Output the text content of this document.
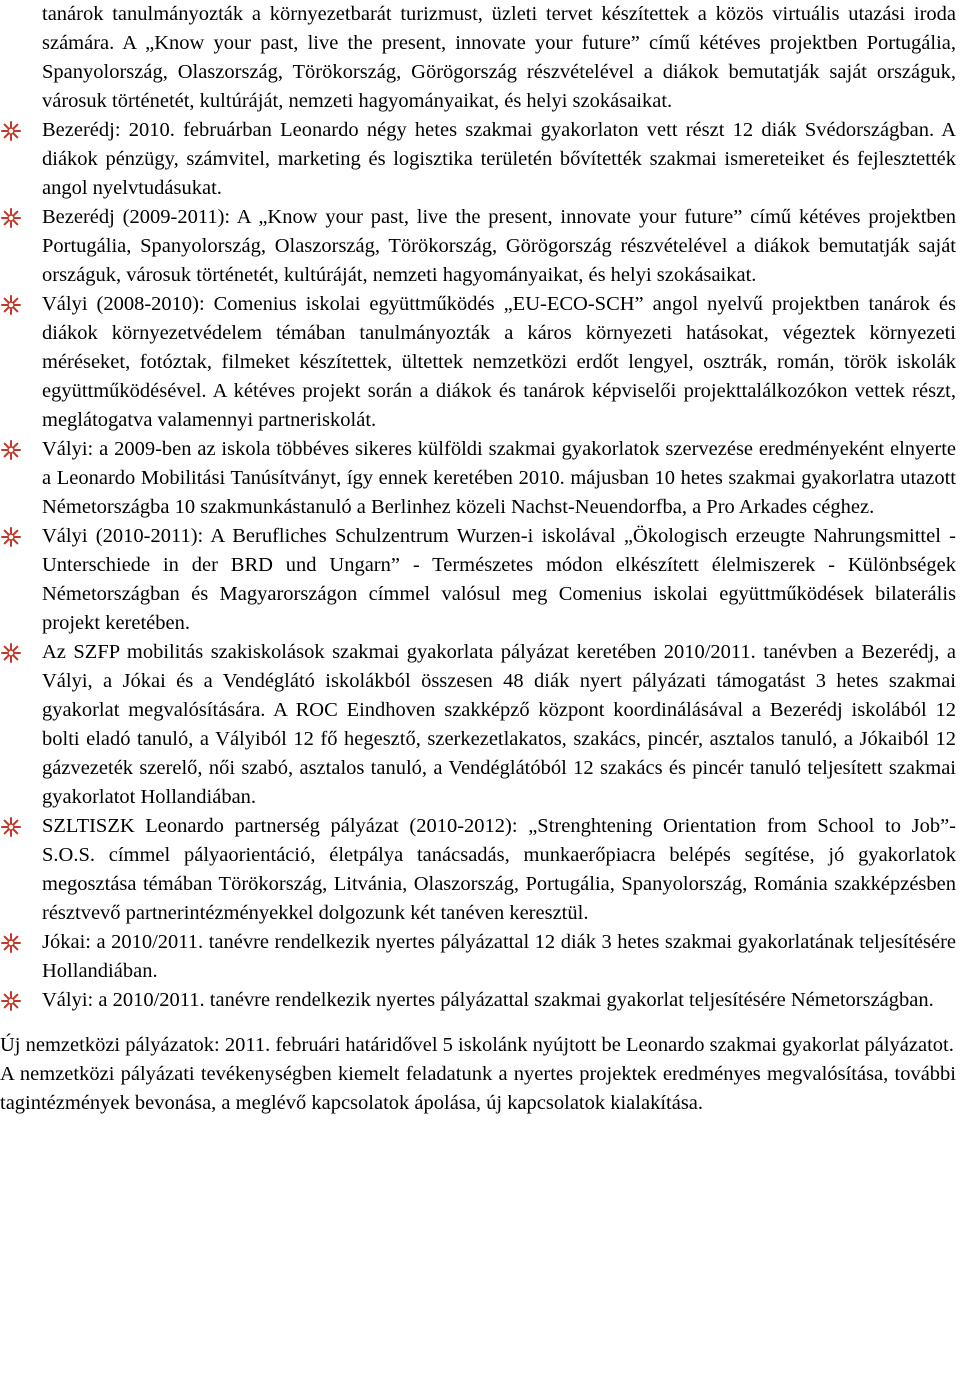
tanárok tanulmányozták a környezetbarát turizmust, üzleti tervet készítettek a közös virtuális utazási iroda számára. A „Know your past, live the present, innovate your future” című kétéves projektben Portugália, Spanyolország, Olaszország, Törökország, Görögország részvételével a diákok bemutatják saját országuk, városuk történetét, kultúráját, nemzeti hagyományaikat, és helyi szokásaikat.

Bezerédj: 2010. februárban Leonardo négy hetes szakmai gyakorlaton vett részt 12 diák Svédországban. A diákok pénzügy, számvitel, marketing és logisztika területén bővítették szakmai ismereteiket és fejlesztették angol nyelvtudásukat.
Bezerédj (2009-2011): A „Know your past, live the present, innovate your future” című kétéves projektben Portugália, Spanyolország, Olaszország, Törökország, Görögország részvételével a diákok bemutatják saját országuk, városuk történetét, kultúráját, nemzeti hagyományaikat, és helyi szokásaikat.
Vályi (2008-2010): Comenius iskolai együttműködés „EU-ECO-SCH” angol nyelvű projektben tanárok és diákok környezetvédelem témában tanulmányozták a káros környezeti hatásokat, végeztek környezeti méréseket, fotóztak, filmeket készítettek, ültettek nemzetközi erdőt lengyel, osztrák, román, török iskolák együttműködésével. A kétéves projekt során a diákok és tanárok képviselői projekttalálkozókon vettek részt, meglátogatva valamennyi partneriskolát.
Vályi: a 2009-ben az iskola többéves sikeres külföldi szakmai gyakorlatok szervezése eredményeként elnyerte a Leonardo Mobilitási Tanúsítványt, így ennek keretében 2010. májusban 10 hetes szakmai gyakorlatra utazott Németországba 10 szakmunkástanuló a Berlinhez közeli Nachst-Neuendorfba, a Pro Arkades céghez.
Vályi (2010-2011): A Berufliches Schulzentrum Wurzen-i iskolával „Ökologisch erzeugte Nahrungsmittel - Unterschiede in der BRD und Ungarn” - Természetes módon elkészített élelmiszerek - Különbségek Németországban és Magyarországon címmel valósul meg Comenius iskolai együttműködések bilaterális projekt keretében.
Az SZFP mobilitás szakiskolások szakmai gyakorlata pályázat keretében 2010/2011. tanévben a Bezerédj, a Vályi, a Jókai és a Vendéglátó iskolákból összesen 48 diák nyert pályázati támogatást 3 hetes szakmai gyakorlat megvalósítására. A ROC Eindhoven szakképző központ koordinálásával a Bezerédj iskolából 12 bolti eladó tanuló, a Vályiból 12 fő hegesztő, szerkezetlakatos, szakács, pincér, asztalos tanuló, a Jókaiból 12 gázvezeték szerelő, női szabó, asztalos tanuló, a Vendéglátóból 12 szakács és pincér tanuló teljesített szakmai gyakorlatot Hollandiában.
SZLTISZK Leonardo partnerség pályázat (2010-2012): „Strenghtening Orientation from School to Job”- S.O.S. címmel pályaorientáció, életpálya tanácsadás, munkaerőpiacra belépés segítése, jó gyakorlatok megosztása témában Törökország, Litvánia, Olaszország, Portugália, Spanyolország, Románia szakképzésben résztvevő partnerintézményekkel dolgozunk két tanéven keresztül.
Jókai: a 2010/2011. tanévre rendelkezik nyertes pályázattal 12 diák 3 hetes szakmai gyakorlatának teljesítésére Hollandiában.
Vályi: a 2010/2011. tanévre rendelkezik nyertes pályázattal szakmai gyakorlat teljesítésére Németországban.

Új nemzetközi pályázatok: 2011. februári határidővel 5 iskolánk nyújtott be Leonardo szakmai gyakorlat pályázatot.

A nemzetközi pályázati tevékenységben kiemelt feladatunk a nyertes projektek eredményes megvalósítása, további tagintézmények bevonása, a meglévő kapcsolatok ápolása, új kapcsolatok kialakítása.
